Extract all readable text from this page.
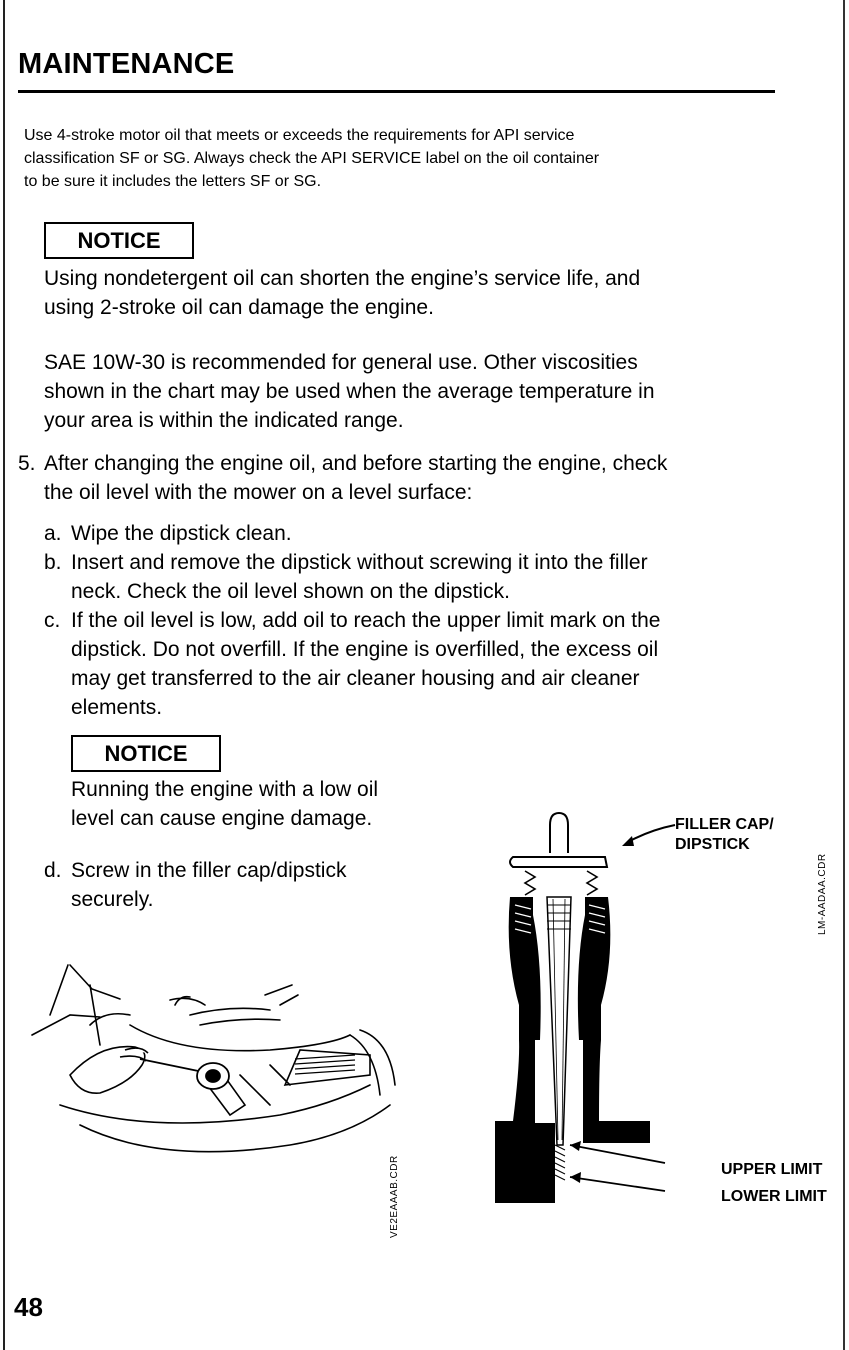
MAINTENANCE
Use 4-stroke motor oil that meets or exceeds the requirements for API service
classification SF or SG. Always check the API SERVICE label on the oil container
to be sure it includes the letters SF or SG.
NOTICE
Using nondetergent oil can shorten the engine’s service life, and
using 2-stroke oil can damage the engine.
SAE 10W-30 is recommended for general use. Other viscosities
shown in the chart may be used when the average temperature in
your area is within the indicated range.
5. After changing the engine oil, and before starting the engine, check
the oil level with the mower on a level surface:
a. Wipe the dipstick clean.
b. Insert and remove the dipstick without screwing it into the filler
neck. Check the oil level shown on the dipstick.
c. If the oil level is low, add oil to reach the upper limit mark on the
dipstick. Do not overfill. If the engine is overfilled, the excess oil
may get transferred to the air cleaner housing and air cleaner
elements.
NOTICE
Running the engine with a low oil
level can cause engine damage.
d. Screw in the filler cap/dipstick
securely.
FILLER CAP/
DIPSTICK
LM-AADAA.CDR
UPPER LIMIT
LOWER LIMIT
VE2EAAAB.CDR
48
